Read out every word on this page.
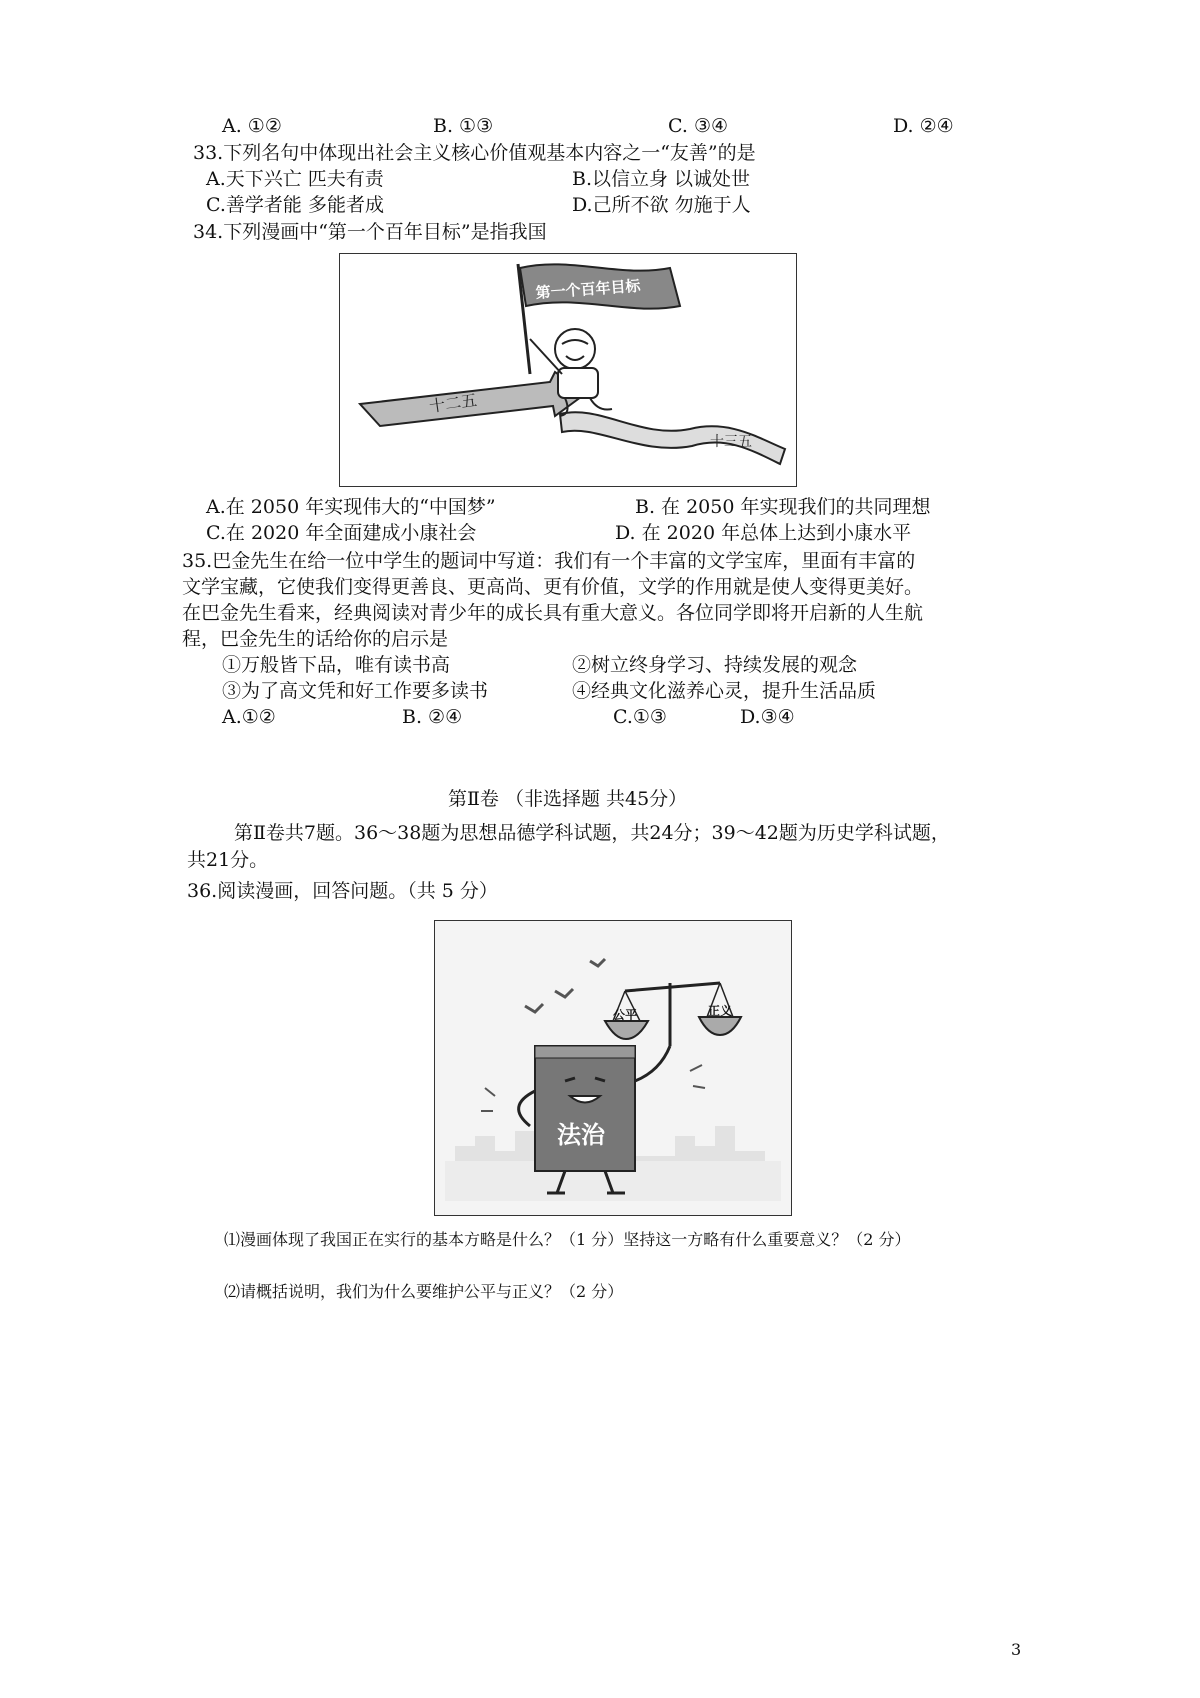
A. ①②	B. ①③	C. ③④	D. ②④
33.下列名句中体现出社会主义核心价值观基本内容之一“友善”的是
A.天下兴亡 匹夫有责	B.以信立身 以诚处世
C.善学者能 多能者成	D.己所不欲 勿施于人
34.下列漫画中“第一个百年目标”是指我国
十二五
十三五
第一个百年目标
A.在 2050 年实现伟大的“中国梦”	B. 在 2050 年实现我们的共同理想
C.在 2020 年全面建成小康社会	D. 在 2020 年总体上达到小康水平
35.巴金先生在给一位中学生的题词中写道：我们有一个丰富的文学宝库，里面有丰富的
文学宝藏，它使我们变得更善良、更高尚、更有价值，文学的作用就是使人变得更美好。
在巴金先生看来，经典阅读对青少年的成长具有重大意义。各位同学即将开启新的人生航
程，巴金先生的话给你的启示是
①万般皆下品，唯有读书高	②树立终身学习、持续发展的观念
③为了高文凭和好工作要多读书	④经典文化滋养心灵，提升生活品质
A.①②	B. ②④	C.①③	D.③④
第Ⅱ卷 （非选择题 共45分）
第Ⅱ卷共7题。36～38题为思想品德学科试题，共24分；39～42题为历史学科试题，
共21分。
36.阅读漫画，回答问题。（共 5 分）
法治
公平	正义
⑴漫画体现了我国正在实行的基本方略是什么？（1 分）坚持这一方略有什么重要意义？（2 分）
⑵请概括说明，我们为什么要维护公平与正义？（2 分）
3
